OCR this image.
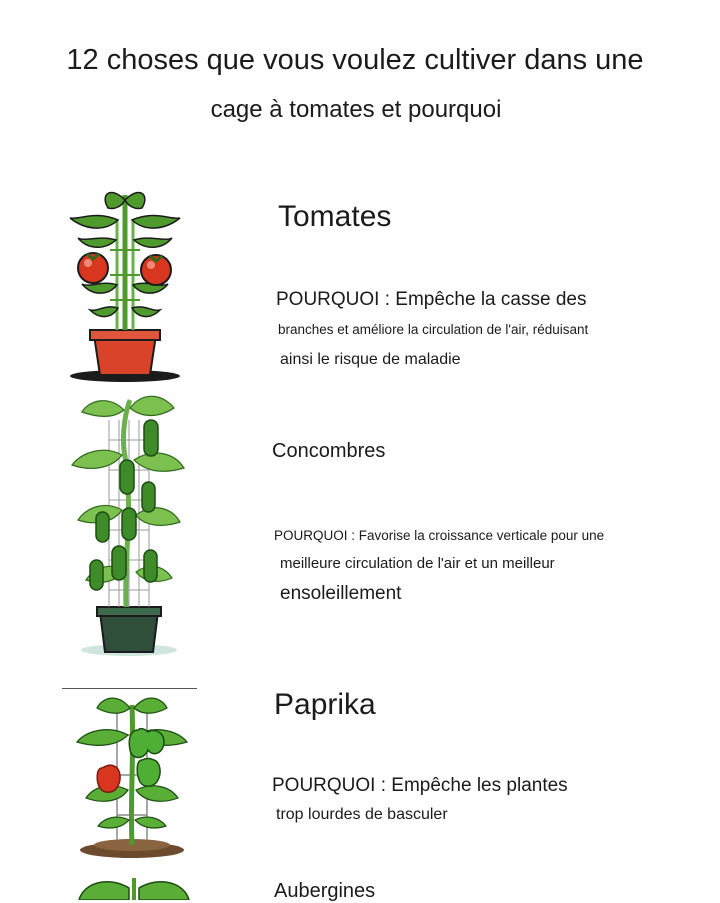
12 choses que vous voulez cultiver dans une
cage à tomates et pourquoi
Tomates
POURQUOI : Empêche la casse des
branches et améliore la circulation de l'air, réduisant
ainsi le risque de maladie
Concombres
POURQUOI : Favorise la croissance verticale pour une
meilleure circulation de l'air et un meilleur
ensoleillement
Paprika
POURQUOI : Empêche les plantes
trop lourdes de basculer
Aubergines
